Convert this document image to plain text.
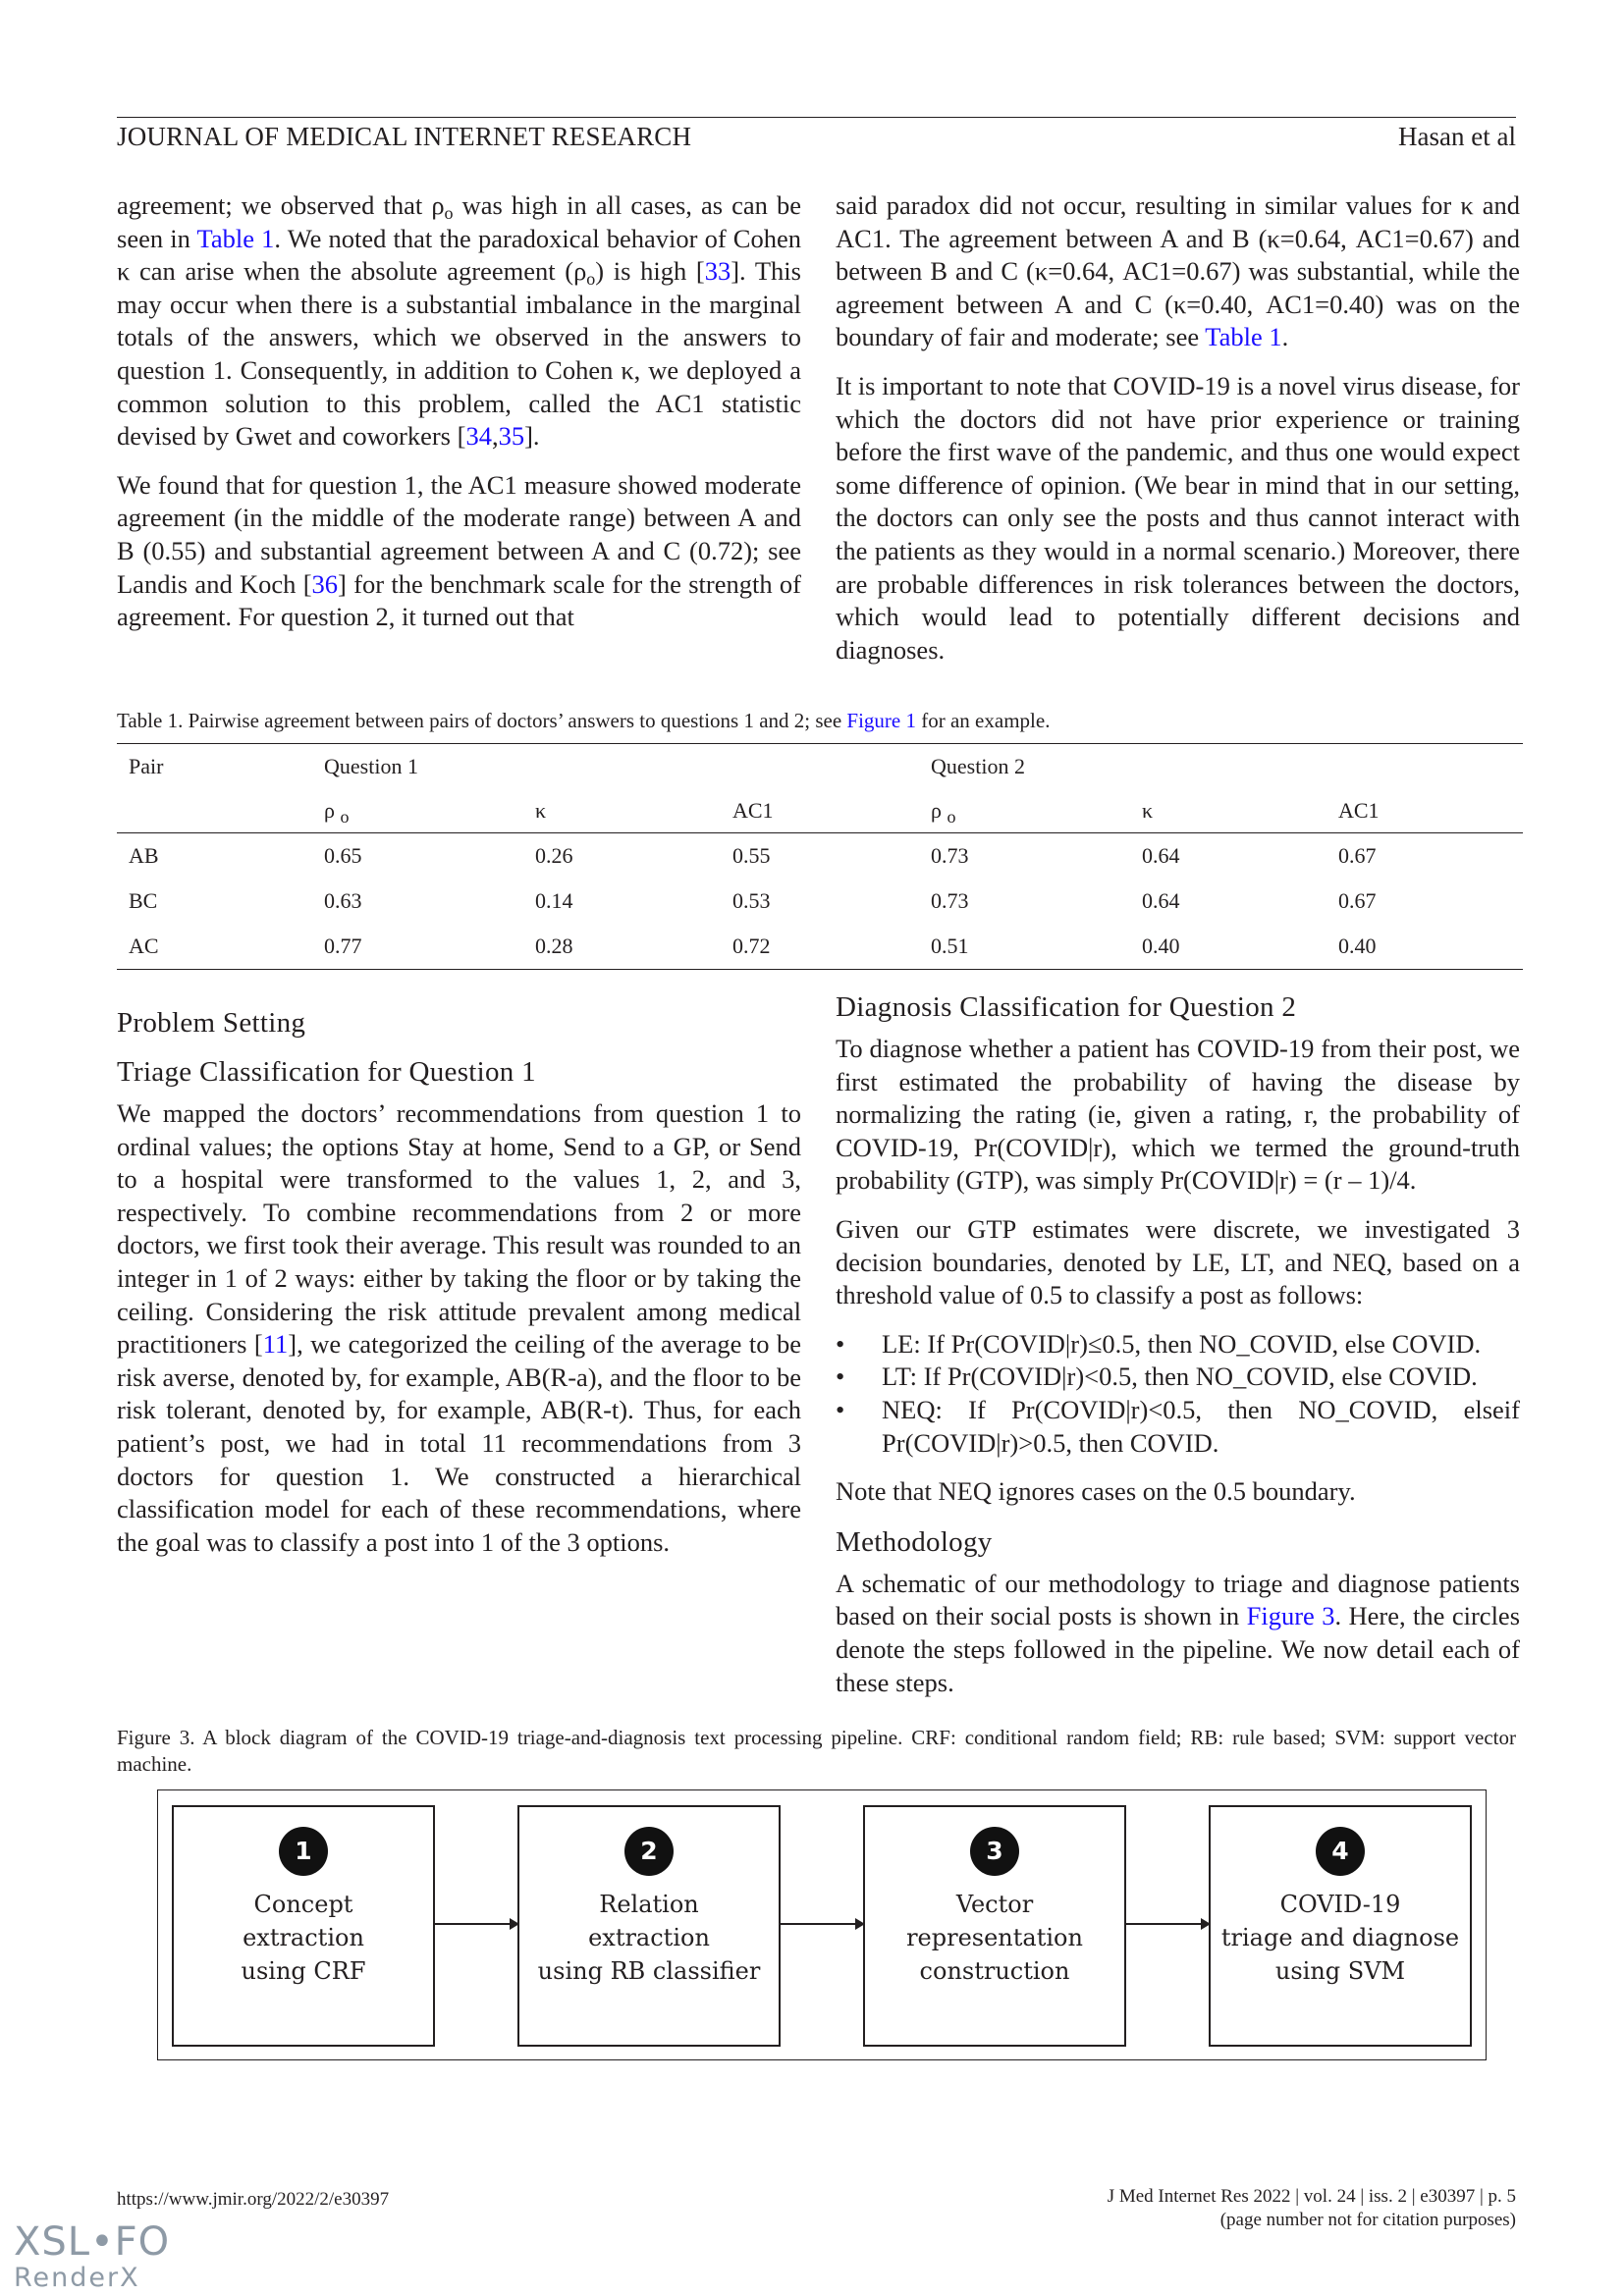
JOURNAL OF MEDICAL INTERNET RESEARCH	Hasan et al

agreement; we observed that $\rho_o$ was high in all cases, as can be seen in Table 1. We noted that the paradoxical behavior of Cohen κ can arise when the absolute agreement $(\rho_o)$ is high [33]. This may occur when there is a substantial imbalance in the marginal totals of the answers, which we observed in the answers to question 1. Consequently, in addition to Cohen κ, we deployed a common solution to this problem, called the AC1 statistic devised by Gwet and coworkers [34,35].

We found that for question 1, the AC1 measure showed moderate agreement (in the middle of the moderate range) between A and B (0.55) and substantial agreement between A and C (0.72); see Landis and Koch [36] for the benchmark scale for the strength of agreement. For question 2, it turned out that

said paradox did not occur, resulting in similar values for κ and AC1. The agreement between A and B (κ=0.64, AC1=0.67) and between B and C (κ=0.64, AC1=0.67) was substantial, while the agreement between A and C (κ=0.40, AC1=0.40) was on the boundary of fair and moderate; see Table 1.

It is important to note that COVID-19 is a novel virus disease, for which the doctors did not have prior experience or training before the first wave of the pandemic, and thus one would expect some difference of opinion. (We bear in mind that in our setting, the doctors can only see the posts and thus cannot interact with the patients as they would in a normal scenario.) Moreover, there are probable differences in risk tolerances between the doctors, which would lead to potentially different decisions and diagnoses.

Table 1. Pairwise agreement between pairs of doctors’ answers to questions 1 and 2; see Figure 1 for an example.
Pair	Question 1			Question 2		
	ρ $_o$	κ	AC1	ρ $_o$	κ	AC1
AB	0.65	0.26	0.55	0.73	0.64	0.67
BC	0.63	0.14	0.53	0.73	0.64	0.67
AC	0.77	0.28	0.72	0.51	0.40	0.40
Problem Setting
Triage Classification for Question 1

We mapped the doctors’ recommendations from question 1 to ordinal values; the options Stay at home, Send to a GP, or Send to a hospital were transformed to the values 1, 2, and 3, respectively. To combine recommendations from 2 or more doctors, we first took their average. This result was rounded to an integer in 1 of 2 ways: either by taking the floor or by taking the ceiling. Considering the risk attitude prevalent among medical practitioners [11], we categorized the ceiling of the average to be risk averse, denoted by, for example, AB(R-a), and the floor to be risk tolerant, denoted by, for example, AB(R-t). Thus, for each patient’s post, we had in total 11 recommendations from 3 doctors for question 1. We constructed a hierarchical classification model for each of these recommendations, where the goal was to classify a post into 1 of the 3 options.

Diagnosis Classification for Question 2

To diagnose whether a patient has COVID-19 from their post, we first estimated the probability of having the disease by normalizing the rating (ie, given a rating, r, the probability of COVID-19, Pr(COVID|r), which we termed the ground-truth probability (GTP), was simply Pr(COVID|r) = (r – 1)/4.

Given our GTP estimates were discrete, we investigated 3 decision boundaries, denoted by LE, LT, and NEQ, based on a threshold value of 0.5 to classify a post as follows:

• LE: If Pr(COVID|r)≤0.5, then NO_COVID, else COVID.
• LT: If Pr(COVID|r)<0.5, then NO_COVID, else COVID.
• NEQ: If Pr(COVID|r)<0.5, then NO_COVID, elseif Pr(COVID|r)>0.5, then COVID.

Note that NEQ ignores cases on the 0.5 boundary.

Methodology

A schematic of our methodology to triage and diagnose patients based on their social posts is shown in Figure 3. Here, the circles denote the steps followed in the pipeline. We now detail each of these steps.

Figure 3. A block diagram of the COVID-19 triage-and-diagnosis text processing pipeline. CRF: conditional random field; RB: rule based; SVM: support vector machine.
1
Concept
extraction
using CRF
2
Relation
extraction
using RB classifier
3
Vector
representation
construction
4
COVID-19
triage and diagnose
using SVM
https://www.jmir.org/2022/2/e30397	J Med Internet Res 2022 | vol. 24 | iss. 2 | e30397 | p. 5
(page number not for citation purposes)
XSL•FO
RenderX
